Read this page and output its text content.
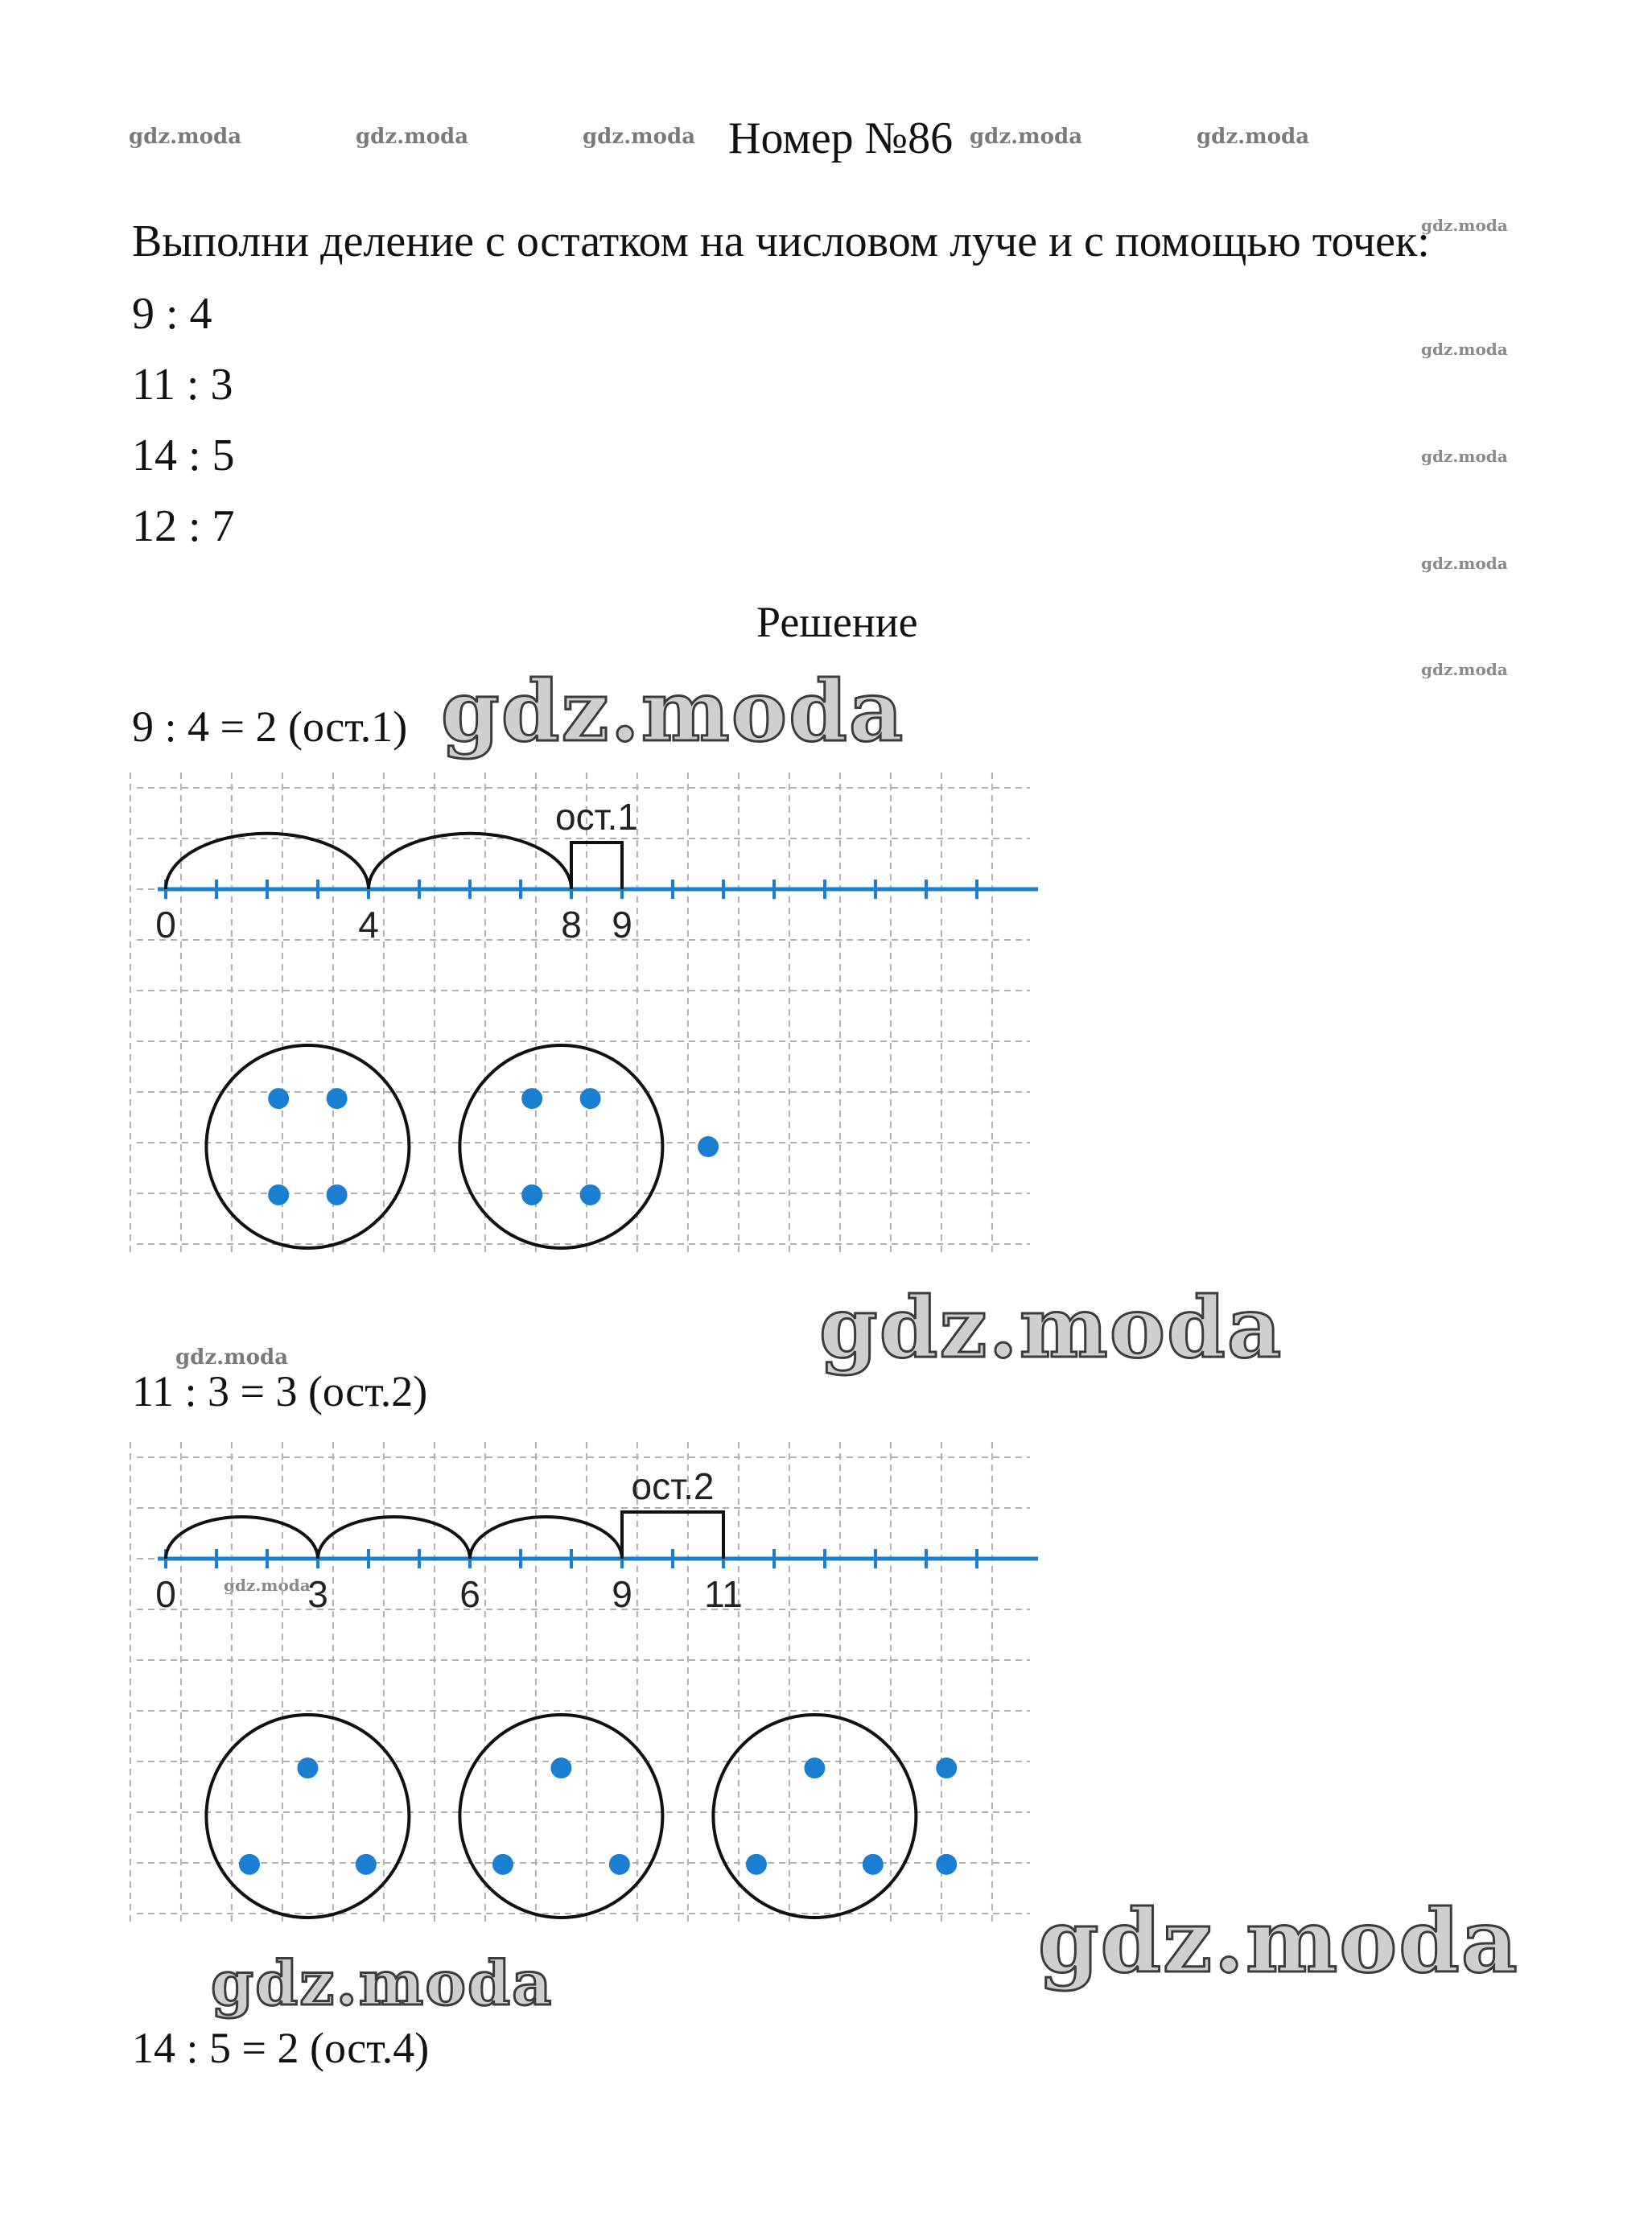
gdz.moda	gdz.moda	gdz.moda	gdz.moda	gdz.moda
gdz.moda
gdz.moda
gdz.moda
gdz.moda
gdz.moda
gdz.moda
gdz.moda
Номер №86
Выполни деление с остатком на числовом луче и с помощью точек:
9 : 4
11 : 3
14 : 5
12 : 7
Решение
9 : 4 = 2 (ост.1) gdz.moda
ост.1
0	4	8 9
gdz.moda
11 : 3 = 3 (ост.2)
ост.2
0	3	6	9 11
gdz.moda	gdz.moda
14 : 5 = 2 (ост.4)
